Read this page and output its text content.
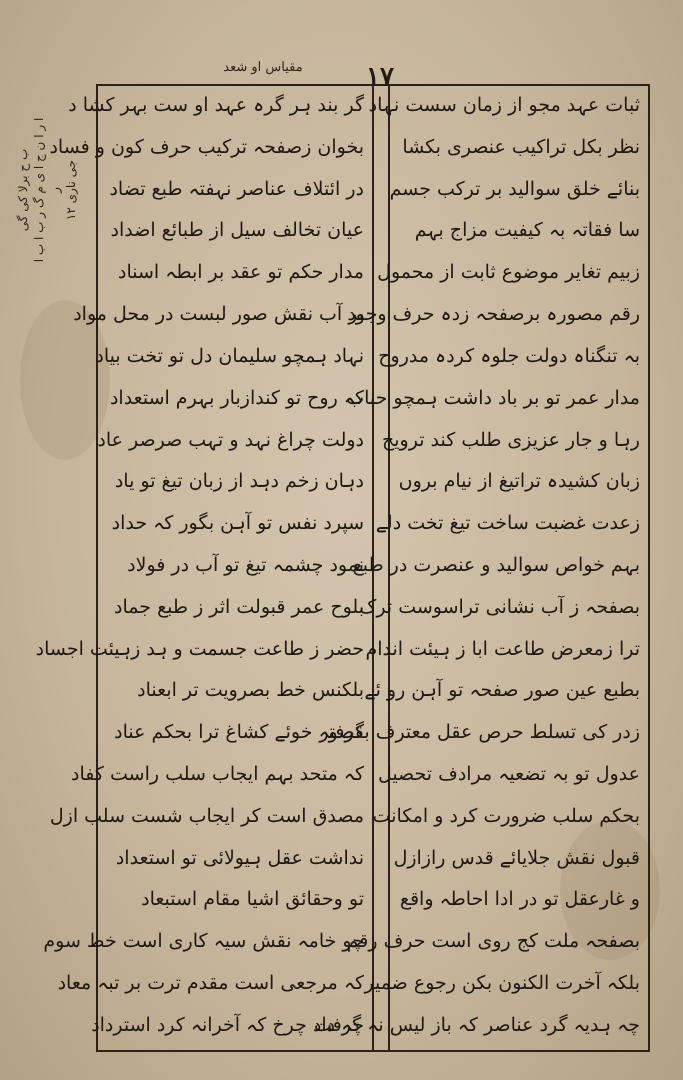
١٧
مقیاس او شعد
ب ح برلا کی گی ا ر ا ن ج ا ی م گ ر ب ا ب ا ر
جی ناری ۱۲
ثبات عہد مجو از زمان سست نہاد
نظر بکل تراکیب عنصری بکشا
بنائے خلق سوالید بر ترکب جسم
سا فقاتہ بہ کیفیت مزاج بہم
زبیم تغایر موضوع ثابت از محمول
رقم مصورہ برصفحہ زدہ حرف وجود
بہ تنگناہ دولت جلوہ کردہ مدروح
مدار عمر تو بر باد داشت ہمچو حباب
رہا و جار عزیزی طلب کند ترویج
زبان کشیدہ تراتیغ از نیام بروں
زعدت غضبت ساخت تیغ تخت دلے
بہم خواص سوالید و عنصرت در طبع
بصفحہ ز آب نشانی تراسوست ترک
ترا زمعرض طاعت ابا ز ہیئت اندام
بطبع عین صور صفحہ تو آہن رو ئے
زدر کی تسلط حرص عقل معترف بقصور
عدول تو بہ تضعیہ مرادف تحصیل
بحکم سلب ضرورت کرد و امکانت
قبول نقش جلایائے قدس رازازل
و غارعقل تو در ادا احاطہ واقع
بصفحہ ملت کج روی است حرف رقم
بلکہ آخرت الکنون بکن رجوع ضمیر
چہ ہدیہ گرد عناصر کہ باز لیس نہ گرفت
گر بند ہر گرہ عہد او ست بہر کشا د
بخوان زصفحہ ترکیب حرف کون و فساد
در ائتلاف عناصر نہفتہ طبع تضاد
عیان تخالف سیل از طبائع اضداد
مدار حکم تو عقد بر ابطہ اسناد
بر آب نقش صور لبست در محل مواد
نہاد ہمچو سلیمان دل تو تخت بیاد
کہ روح تو کندازبار بہرم استعداد
دولت چراغ نہد و تہب صرصر عاد
دہان زخم دہد از زبان تیغ تو یاد
سپرد نفس تو آہن بگور کہ حداد
نمود چشمہ تیغ تو آب در فولاد
بلوح عمر قبولت اثر ز طبع جماد
حضر ز طاعت جسمت و ہد زہیئت اجساد
بلکنس خط بصرویت تر ابعناد
گرفتہ خوئے کشاغ ترا بحکم عناد
کہ متحد بہم ایجاب سلب راست کفاد
مصدق است کر ایجاب شست سلب ازل
نداشت عقل ہیولائی تو استعداد
تو وحقائق اشیا مقام استبعاد
چو خامہ نقش سیہ کاری است خط سوم
کہ مرجعی است مقدم ترت بر تبہ معاد
چہ داد چرخ کہ آخرانہ کرد استرداد
